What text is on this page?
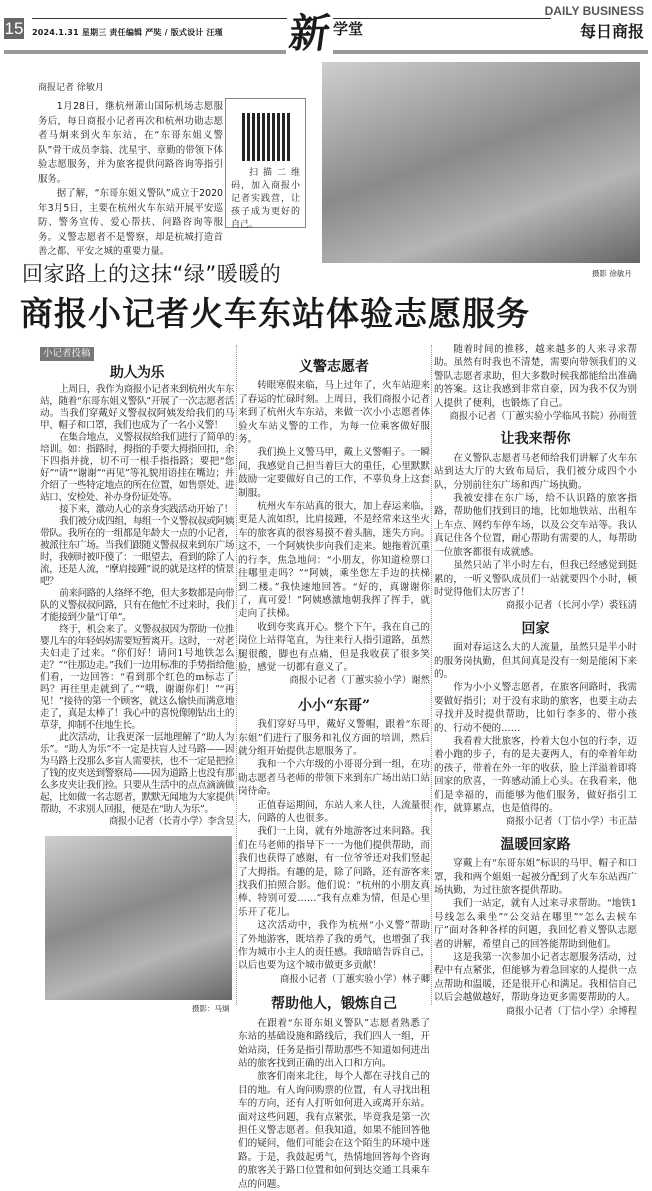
15 2024.1.31 星期三 责任编辑 严奘 / 版式设计 汪瑾 新 学堂
DAILY BUSINESS
每日商报
商报记者 徐敏月

1月28日，继杭州萧山国际机场志愿服务后，每日商报小记者再次和杭州功勋志愿者马炯来到火车东站，在“东哥东姐义警队”骨干成员李翁、沈星宇、章勤的带领下体验志愿服务，并为旅客提供问路咨询等指引服务。

据了解，“东哥东姐义警队”成立于2020年3月5日，主要在杭州火车东站开展平安巡防、警务宣传、爱心帮扶、问路咨询等服务。义警志愿者不是警察，却是杭城打造首善之都、平安之城的重要力量。

扫描二维码，加入商报小记者实践营，让孩子成为更好的自己。
摄影 徐敏月
回家路上的这抹“绿”暖暖的
商报小记者火车东站体验志愿服务
小记者投稿
助人为乐

上周日，我作为商报小记者来到杭州火车东站，随着“东哥东姐义警队”开展了一次志愿者活动。当我们穿戴好义警叔叔阿姨发给我们的马甲、帽子和口罩，我们也成为了一名小义警！

在集合地点，义警叔叔给我们进行了简单的培训。如：指路时，拇指的手要大拇指回扣，余下四指并拢，切不可一根手指指路；要把“您好”“请”“谢谢”“再见”等礼貌用语挂在嘴边；并介绍了一些特定地点的所在位置，如售票处、进站口、安检处、补办身份证处等。

接下来，激动人心的亲身实践活动开始了！

我们被分成四组，每组一个义警叔叔或阿姨带队。我所在的一组都是年龄大一点的小记者，被派往东广场。当我们跟随义警叔叔来到东广场时，我顿时被吓傻了：一眼望去，看到的除了人流，还是人流，“摩肩接踵”说的就是这样的情景吧？

前来问路的人络绎不绝，但大多数都是向带队的义警叔叔问路，只有在他忙不过来时，我们才能接到少量“订单”。

终于，机会来了。义警叔叔因为帮助一位推婴儿车的年轻妈妈需要短暂离开。这时，一对老夫妇走了过来。“你们好！请问1号地铁怎么走？”“往那边走。”我们一边用标准的手势指给他们看，一边回答：“看到那个红色的m标志了吗？再往里走就到了。”“哦，谢谢你们！”“再见！”接待的第一个顾客，就这么愉快而满意地走了，真是太棒了！我心中的喜悦像刚钻出土的草芽，抑制不住地生长。

此次活动，让我更深一层地理解了“助人为乐”。“助人为乐”不一定是扶盲人过马路——因为马路上没那么多盲人需要扶，也不一定是把捡了钱的皮夹送到警察局——因为道路上也没有那么多皮夹让我们捡。只要从生活中的点点滴滴做起，比如做一名志愿者，默默无闻地为大家提供帮助，不求别人回报，便是在“助人为乐”。

商报小记者（长青小学）李含昱

摄影：马炯
义警志愿者

转眼寒假来临，马上过年了，火车站迎来了春运的忙碌时刻。上周日，我们商报小记者来到了杭州火车东站，来做一次小小志愿者体验火车站义警的工作，为每一位乘客做好服务。

我们换上义警马甲，戴上义警帽子。一瞬间，我感觉自己担当着巨大的重任，心里默默鼓励一定要做好自己的工作，不辜负身上这套制服。

杭州火车东站真的很大，加上春运来临，更是人流如织，比肩接踵，不是经常来这坐火车的旅客真的很容易摸不着头脑，迷失方向。这不，一个阿姨快步向我们走来。她拖着沉重的行李，焦急地问：“小朋友，你知道检票口往哪里走吗？”“阿姨，乘坐您左手边的扶梯到二楼。”我快速地回答。“好的，真谢谢你了，真可爱！”阿姨感激地朝我挥了挥手，就走向了扶梯。

收到夸奖真开心。整个下午，我在自己的岗位上站得笔直，为往来行人指引道路，虽然腿很酸，脚也有点痛，但是我收获了很多笑脸，感觉一切都有意义了。

商报小记者（丁蕙实验小学）谢然

小小“东哥”

我们穿好马甲，戴好义警帽，跟着“东哥东姐”们进行了服务和礼仪方面的培训，然后就分组开始提供志愿服务了。

我和一个六年级的小哥哥分到一组，在功勋志愿者马老师的带领下来到东广场出站口站岗待命。

正值春运期间，东站人来人往，人流量很大，问路的人也很多。

我们一上岗，就有外地游客过来问路。我们在马老师的指导下一一为他们提供帮助，而我们也获得了感谢，有一位爷爷还对我们竖起了大拇指。有趣的是，除了问路，还有游客来找我们拍照合影。他们说：“杭州的小朋友真棒、特别可爱……”我有点难为情，但是心里乐开了花儿。

这次活动中，我作为杭州“小义警”帮助了外地游客，既培养了我的勇气，也增强了我作为城市小主人的责任感。我暗暗告诉自己，以后也要为这个城市做更多贡献！

商报小记者（丁蕙实验小学）林子卿

帮助他人，锻炼自己

在跟着“东哥东姐义警队”志愿者熟悉了东站的基础设施和路线后，我们四人一组，开始站岗，任务是指引帮助那些不知道如何进出站的旅客找到正确的出入口和方向。

旅客们南来北往，每个人都在寻找自己的目的地。有人询问购票的位置，有人寻找出租车的方向，还有人打听如何进入或离开东站。面对这些问题，我有点紧张，毕竟我是第一次担任义警志愿者。但我知道，如果不能回答他们的疑问，他们可能会在这个陌生的环境中迷路。于是，我鼓起勇气，热情地回答每个咨询的旅客关于路口位置和如何到达交通工具乘车点的问题。

随着时间的推移，越来越多的人来寻求帮助。虽然有时我也不清楚，需要向带领我们的义警队志愿者求助，但大多数时候我都能给出准确的答案。这让我感到非常自豪，因为我不仅为别人提供了便利，也锻炼了自己。

商报小记者（丁蕙实验小学临风书院）孙雨萱

让我来帮你

在义警队志愿者马老师给我们讲解了火车东站到达大厅的大致布局后，我们被分成四个小队，分别前往东广场和西广场执勤。

我被安排在东广场，给不认识路的旅客指路，帮助他们找到目的地，比如地铁站、出租车上车点、网约车停车场，以及公交车站等。我认真记住各个位置，耐心帮助有需要的人，每帮助一位旅客都很有成就感。

虽然只站了半小时左右，但我已经感觉到挺累的，一听义警队成员们一站就要四个小时，顿时觉得他们太厉害了！

商报小记者（长河小学）裘钰清

回家

面对春运这么大的人流量，虽然只是半小时的服务岗执勤，但其间真是没有一刻是能闲下来的。

作为小小义警志愿者，在旅客问路时，我需要做好指引；对于没有求助的旅客，也要主动去寻找并及时提供帮助，比如行李多的、带小孩的、行动不便的……

我看着大批旅客，拎着大包小包的行李，迈着小跑的步子，有的是夫妻两人，有的牵着年幼的孩子，带着在外一年的收获，脸上洋溢着即将回家的欣喜，一阵感动涌上心头。在我看来，他们是幸福的，而能够为他们服务，做好指引工作，就算累点，也是值得的。

商报小记者（丁信小学）韦正喆

温暖回家路

穿戴上有“东哥东姐”标识的马甲、帽子和口罩，我和两个姐姐一起被分配到了火车东站西广场执勤，为过往旅客提供帮助。

我们一站定，就有人过来寻求帮助。“地铁1号线怎么乘坐”“公交站在哪里”“怎么去候车厅”面对各种各样的问题，我回忆着义警队志愿者的讲解，希望自己的回答能帮助到他们。

这是我第一次参加小记者志愿服务活动，过程中有点紧张，但能够为着急回家的人提供一点点帮助和温暖，还是很开心和满足。我相信自己以后会越做越好，帮助身边更多需要帮助的人。

商报小记者（丁信小学）余博程
